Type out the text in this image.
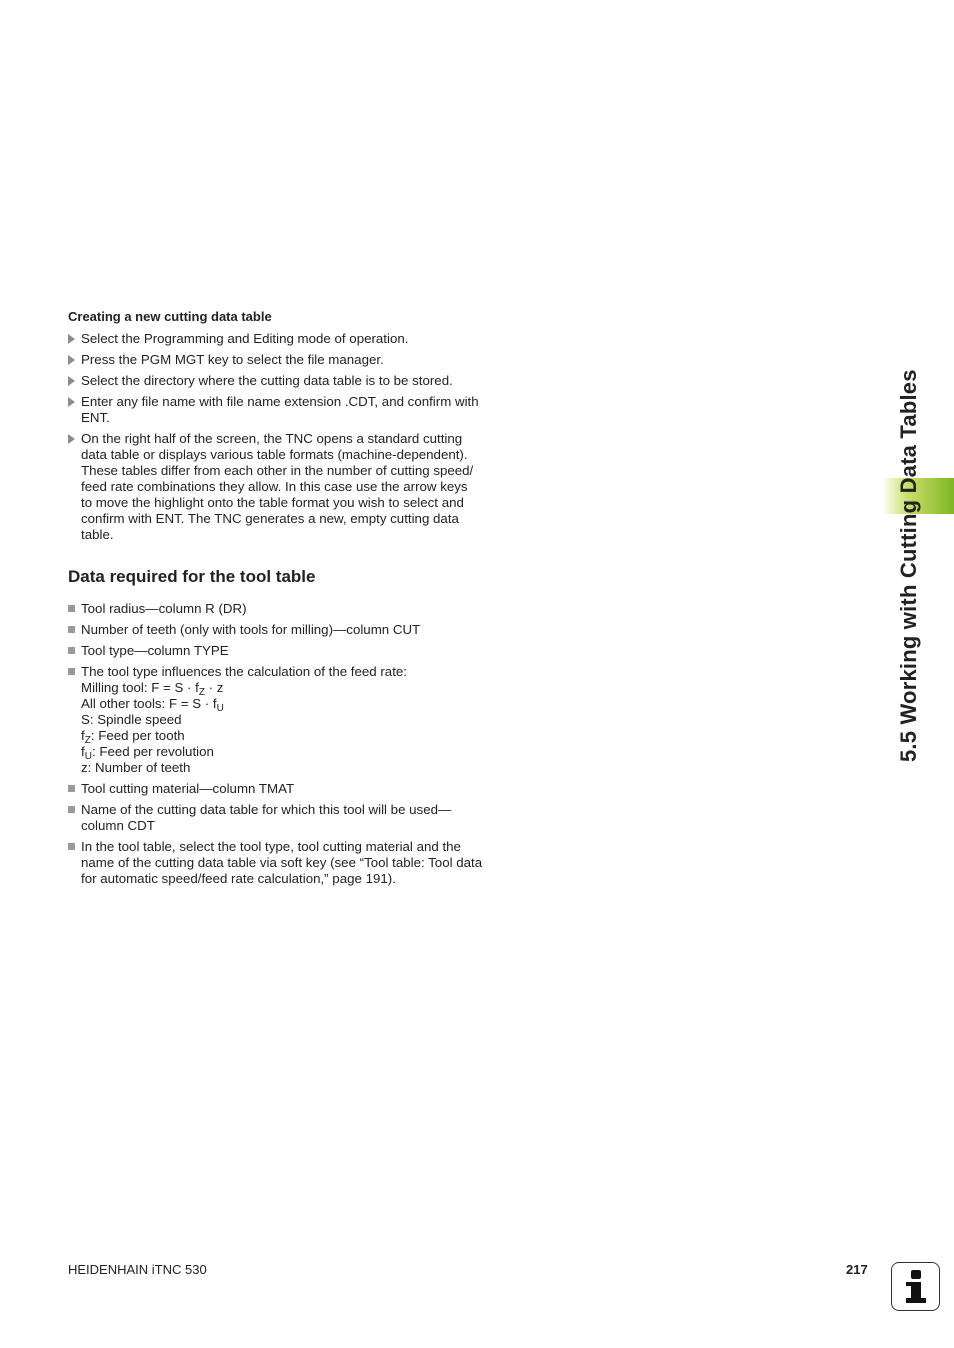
5.5 Working with Cutting Data Tables
Creating a new cutting data table
Select the Programming and Editing mode of operation.
Press the PGM MGT key to select the file manager.
Select the directory where the cutting data table is to be stored.
Enter any file name with file name extension .CDT, and confirm with
ENT.
On the right half of the screen, the TNC opens a standard cutting
data table or displays various table formats (machine-dependent).
These tables differ from each other in the number of cutting speed/
feed rate combinations they allow. In this case use the arrow keys
to move the highlight onto the table format you wish to select and
confirm with ENT. The TNC generates a new, empty cutting data
table.
Data required for the tool table
Tool radius—column R (DR)
Number of teeth (only with tools for milling)—column CUT
Tool type—column TYPE
The tool type influences the calculation of the feed rate:
Milling tool: $F = S \cdot f_Z \cdot z$
All other tools: $F = S \cdot f_U$
S: Spindle speed
$f_Z$: Feed per tooth
$f_U$: Feed per revolution
z: Number of teeth
Tool cutting material—column TMAT
Name of the cutting data table for which this tool will be used—
column CDT
In the tool table, select the tool type, tool cutting material and the
name of the cutting data table via soft key (see “Tool table: Tool data
for automatic speed/feed rate calculation,” page 191).
HEIDENHAIN iTNC 530	217
